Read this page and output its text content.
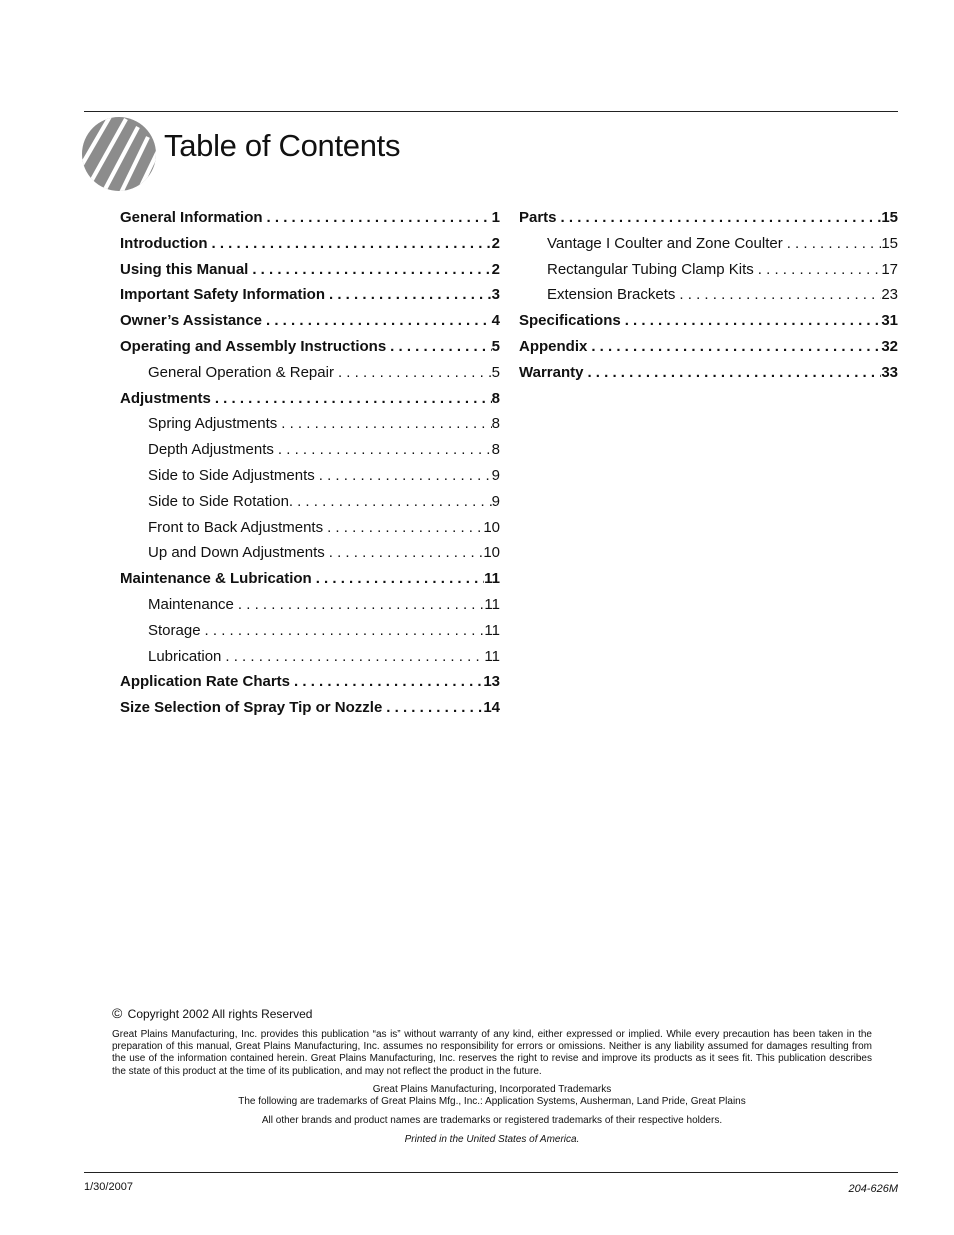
Table of Contents
General Information . . .	1
Introduction . . .	2
Using this Manual . . .	2
Important Safety Information . . .	3
Owner’s Assistance . . .	4
Operating and Assembly Instructions . . .	5
General Operation & Repair . . .	5
Adjustments . . .	8
Spring Adjustments . . .	8
Depth Adjustments . . .	8
Side to Side Adjustments . . .	9
Side to Side Rotation. . . .	9
Front to Back Adjustments . . .	10
Up and Down Adjustments . . .	10
Maintenance & Lubrication . . .	11
Maintenance . . .	11
Storage . . .	11
Lubrication . . .	11
Application Rate Charts . . .	13
Size Selection of Spray Tip or Nozzle . . .	14
Parts . . .	15
Vantage I Coulter and Zone Coulter . . .	15
Rectangular Tubing Clamp Kits . . .	17
Extension Brackets . . .	23
Specifications . . .	31
Appendix . . .	32
Warranty . . .	33
© Copyright 2002 All rights Reserved
Great Plains Manufacturing, Inc. provides this publication “as is” without warranty of any kind, either expressed or implied. While every precaution has been taken in the preparation of this manual, Great Plains Manufacturing, Inc. assumes no responsibility for errors or omissions. Neither is any liability assumed for damages resulting from the use of the information contained herein. Great Plains Manufacturing, Inc. reserves the right to revise and improve its products as it sees fit. This publication describes the state of this product at the time of its publication, and may not reflect the product in the future.
Great Plains Manufacturing, Incorporated Trademarks
The following are trademarks of Great Plains Mfg., Inc.: Application Systems, Ausherman, Land Pride, Great Plains
All other brands and product names are trademarks or registered trademarks of their respective holders.
Printed in the United States of America.
1/30/2007	204-626M
